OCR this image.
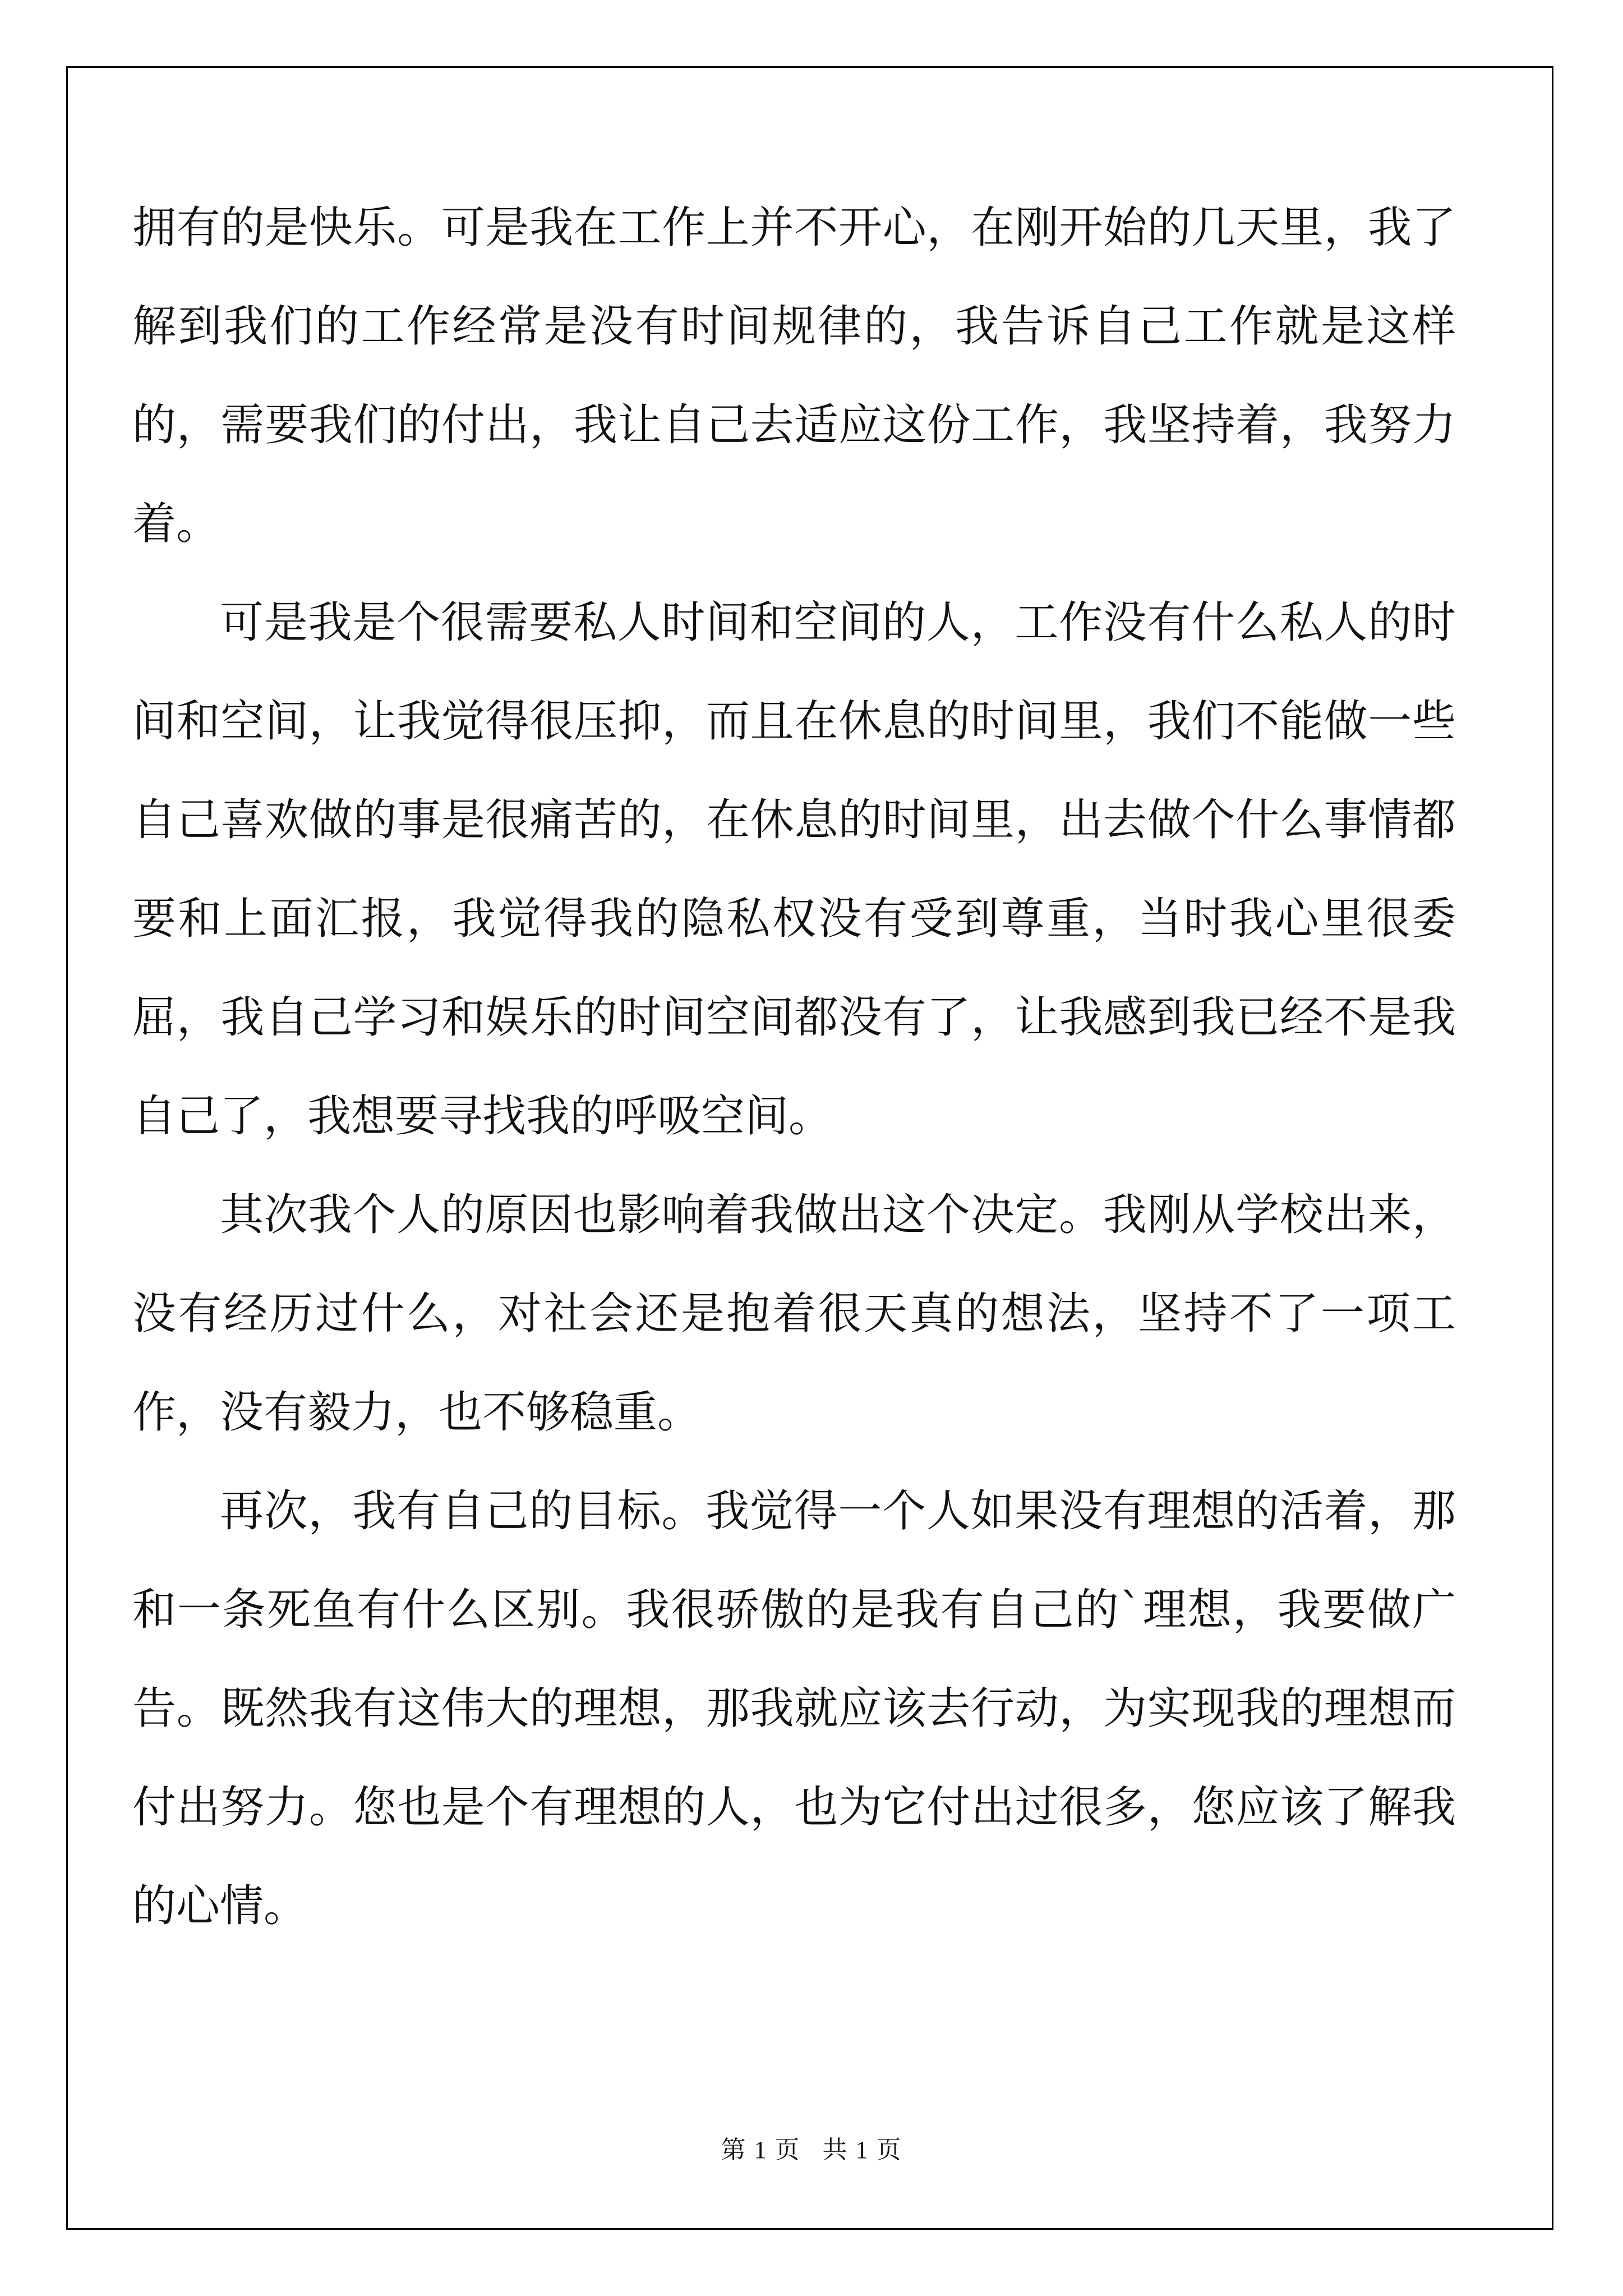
拥有的是快乐。可是我在工作上并不开心，在刚开始的几天里，我了解到我们的工作经常是没有时间规律的，我告诉自己工作就是这样的，需要我们的付出，我让自己去适应这份工作，我坚持着，我努力着。

可是我是个很需要私人时间和空间的人，工作没有什么私人的时间和空间，让我觉得很压抑，而且在休息的时间里，我们不能做一些自己喜欢做的事是很痛苦的，在休息的时间里，出去做个什么事情都要和上面汇报，我觉得我的隐私权没有受到尊重，当时我心里很委屈，我自己学习和娱乐的时间空间都没有了，让我感到我已经不是我自己了，我想要寻找我的呼吸空间。

其次我个人的原因也影响着我做出这个决定。我刚从学校出来，没有经历过什么，对社会还是抱着很天真的想法，坚持不了一项工作，没有毅力，也不够稳重。

再次，我有自己的目标。我觉得一个人如果没有理想的活着，那和一条死鱼有什么区别。我很骄傲的是我有自己的`理想，我要做广告。既然我有这伟大的理想，那我就应该去行动，为实现我的理想而付出努力。您也是个有理想的人，也为它付出过很多，您应该了解我的心情。

第 1 页   共 1 页
